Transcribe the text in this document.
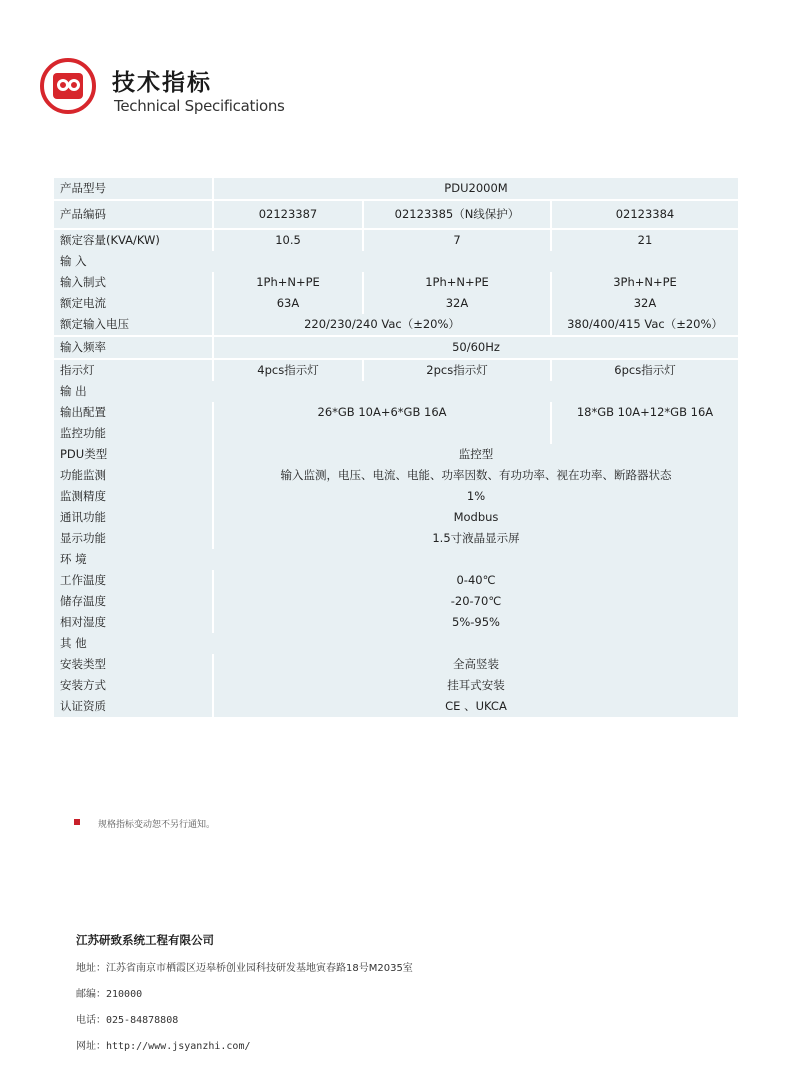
技术指标
Technical Specifications
产品型号	PDU2000M
产品编码	02123387	02123385（N线保护）	02123384
额定容量(KVA/KW)	10.5	7	21
输 入
输入制式	1Ph+N+PE	1Ph+N+PE	3Ph+N+PE
额定电流	63A	32A	32A
额定输入电压	220/230/240 Vac（±20%）	380/400/415 Vac（±20%）
输入频率	50/60Hz
指示灯	4pcs指示灯	2pcs指示灯	6pcs指示灯
输 出
输出配置	26*GB 10A+6*GB 16A	18*GB 10A+12*GB 16A
监控功能
PDU类型	监控型
功能监测	输入监测，电压、电流、电能、功率因数、有功功率、视在功率、断路器状态
监测精度	1%
通讯功能	Modbus
显示功能	1.5寸液晶显示屏
环 境
工作温度	0-40℃
储存温度	-20-70℃
相对湿度	5%-95%
其 他
安装类型	全高竖装
安装方式	挂耳式安装
认证资质	CE 、UKCA
规格指标变动恕不另行通知。
江苏研致系统工程有限公司
地址：江苏省南京市栖霞区迈皋桥创业园科技研发基地寅春路18号M2035室
邮编：210000
电话：025-84878808
网址：http://www.jsyanzhi.com/
